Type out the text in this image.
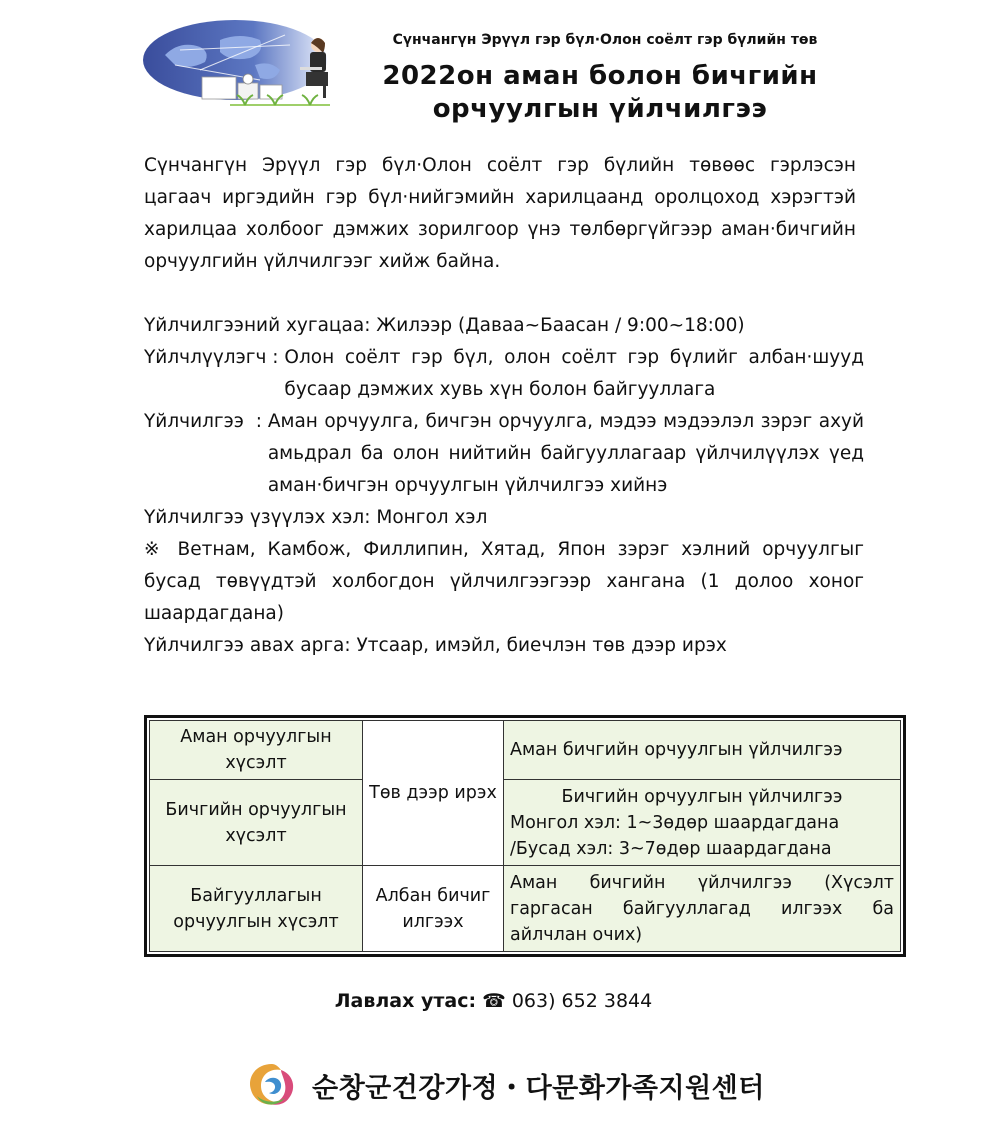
Сүнчангүн Эрүүл гэр бүл·Олон соёлт гэр бүлийн төв
2022он аман болон бичгийн
орчуулгын үйлчилгээ

Сүнчангүн Эрүүл гэр бүл·Олон соёлт гэр бүлийн төвөөс гэрлэсэн цагаач иргэдийн гэр бүл·нийгэмийн харилцаанд оролцоход хэрэгтэй харилцаа холбоог дэмжих зорилгоор үнэ төлбөргүйгээр аман·бичгийн орчуулгийн үйлчилгээг хийж байна.

Үйлчилгээний хугацаа: Жилээр (Даваа~Баасан / 9:00~18:00)

Үйлчлүүлэгч : Олон соёлт гэр бүл, олон соёлт гэр бүлийг албан·шууд бусаар дэмжих хувь хүн болон байгууллага
Үйлчилгээ  : Аман орчуулга, бичгэн орчуулга, мэдээ мэдээлэл зэрэг ахуй амьдрал ба олон нийтийн байгууллагаар үйлчилүүлэх үед аман·бичгэн орчуулгын үйлчилгээ хийнэ

Үйлчилгээ үзүүлэх хэл: Монгол хэл

※ Ветнам, Камбож, Филлипин, Хятад, Япон зэрэг хэлний орчуулгыг бусад төвүүдтэй холбогдон үйлчилгээгээр хангана (1 долоо хоног шаардагдана)

Үйлчилгээ авах арга: Утсаар, имэйл, биечлэн төв дээр ирэх

Аман орчуулгын хүсэлт	Төв дээр ирэх	Аман бичгийн орчуулгын үйлчилгээ
Бичгийн орчуулгын хүсэлт		Бичгийн орчуулгын үйлчилгээ
Монгол хэл: 1~3өдөр шаардагдана
/Бусад хэл: 3~7өдөр шаардагдана

Байгууллагын орчуулгын хүсэлт	Албан бичиг илгээх	Аман бичгийн үйлчилгээ (Хүсэлт гаргасан байгууллагад илгээх ба айлчлан очих)
Лавлах утас: ☎ 063) 652 3844
순창군건강가정・다문화가족지원센터
